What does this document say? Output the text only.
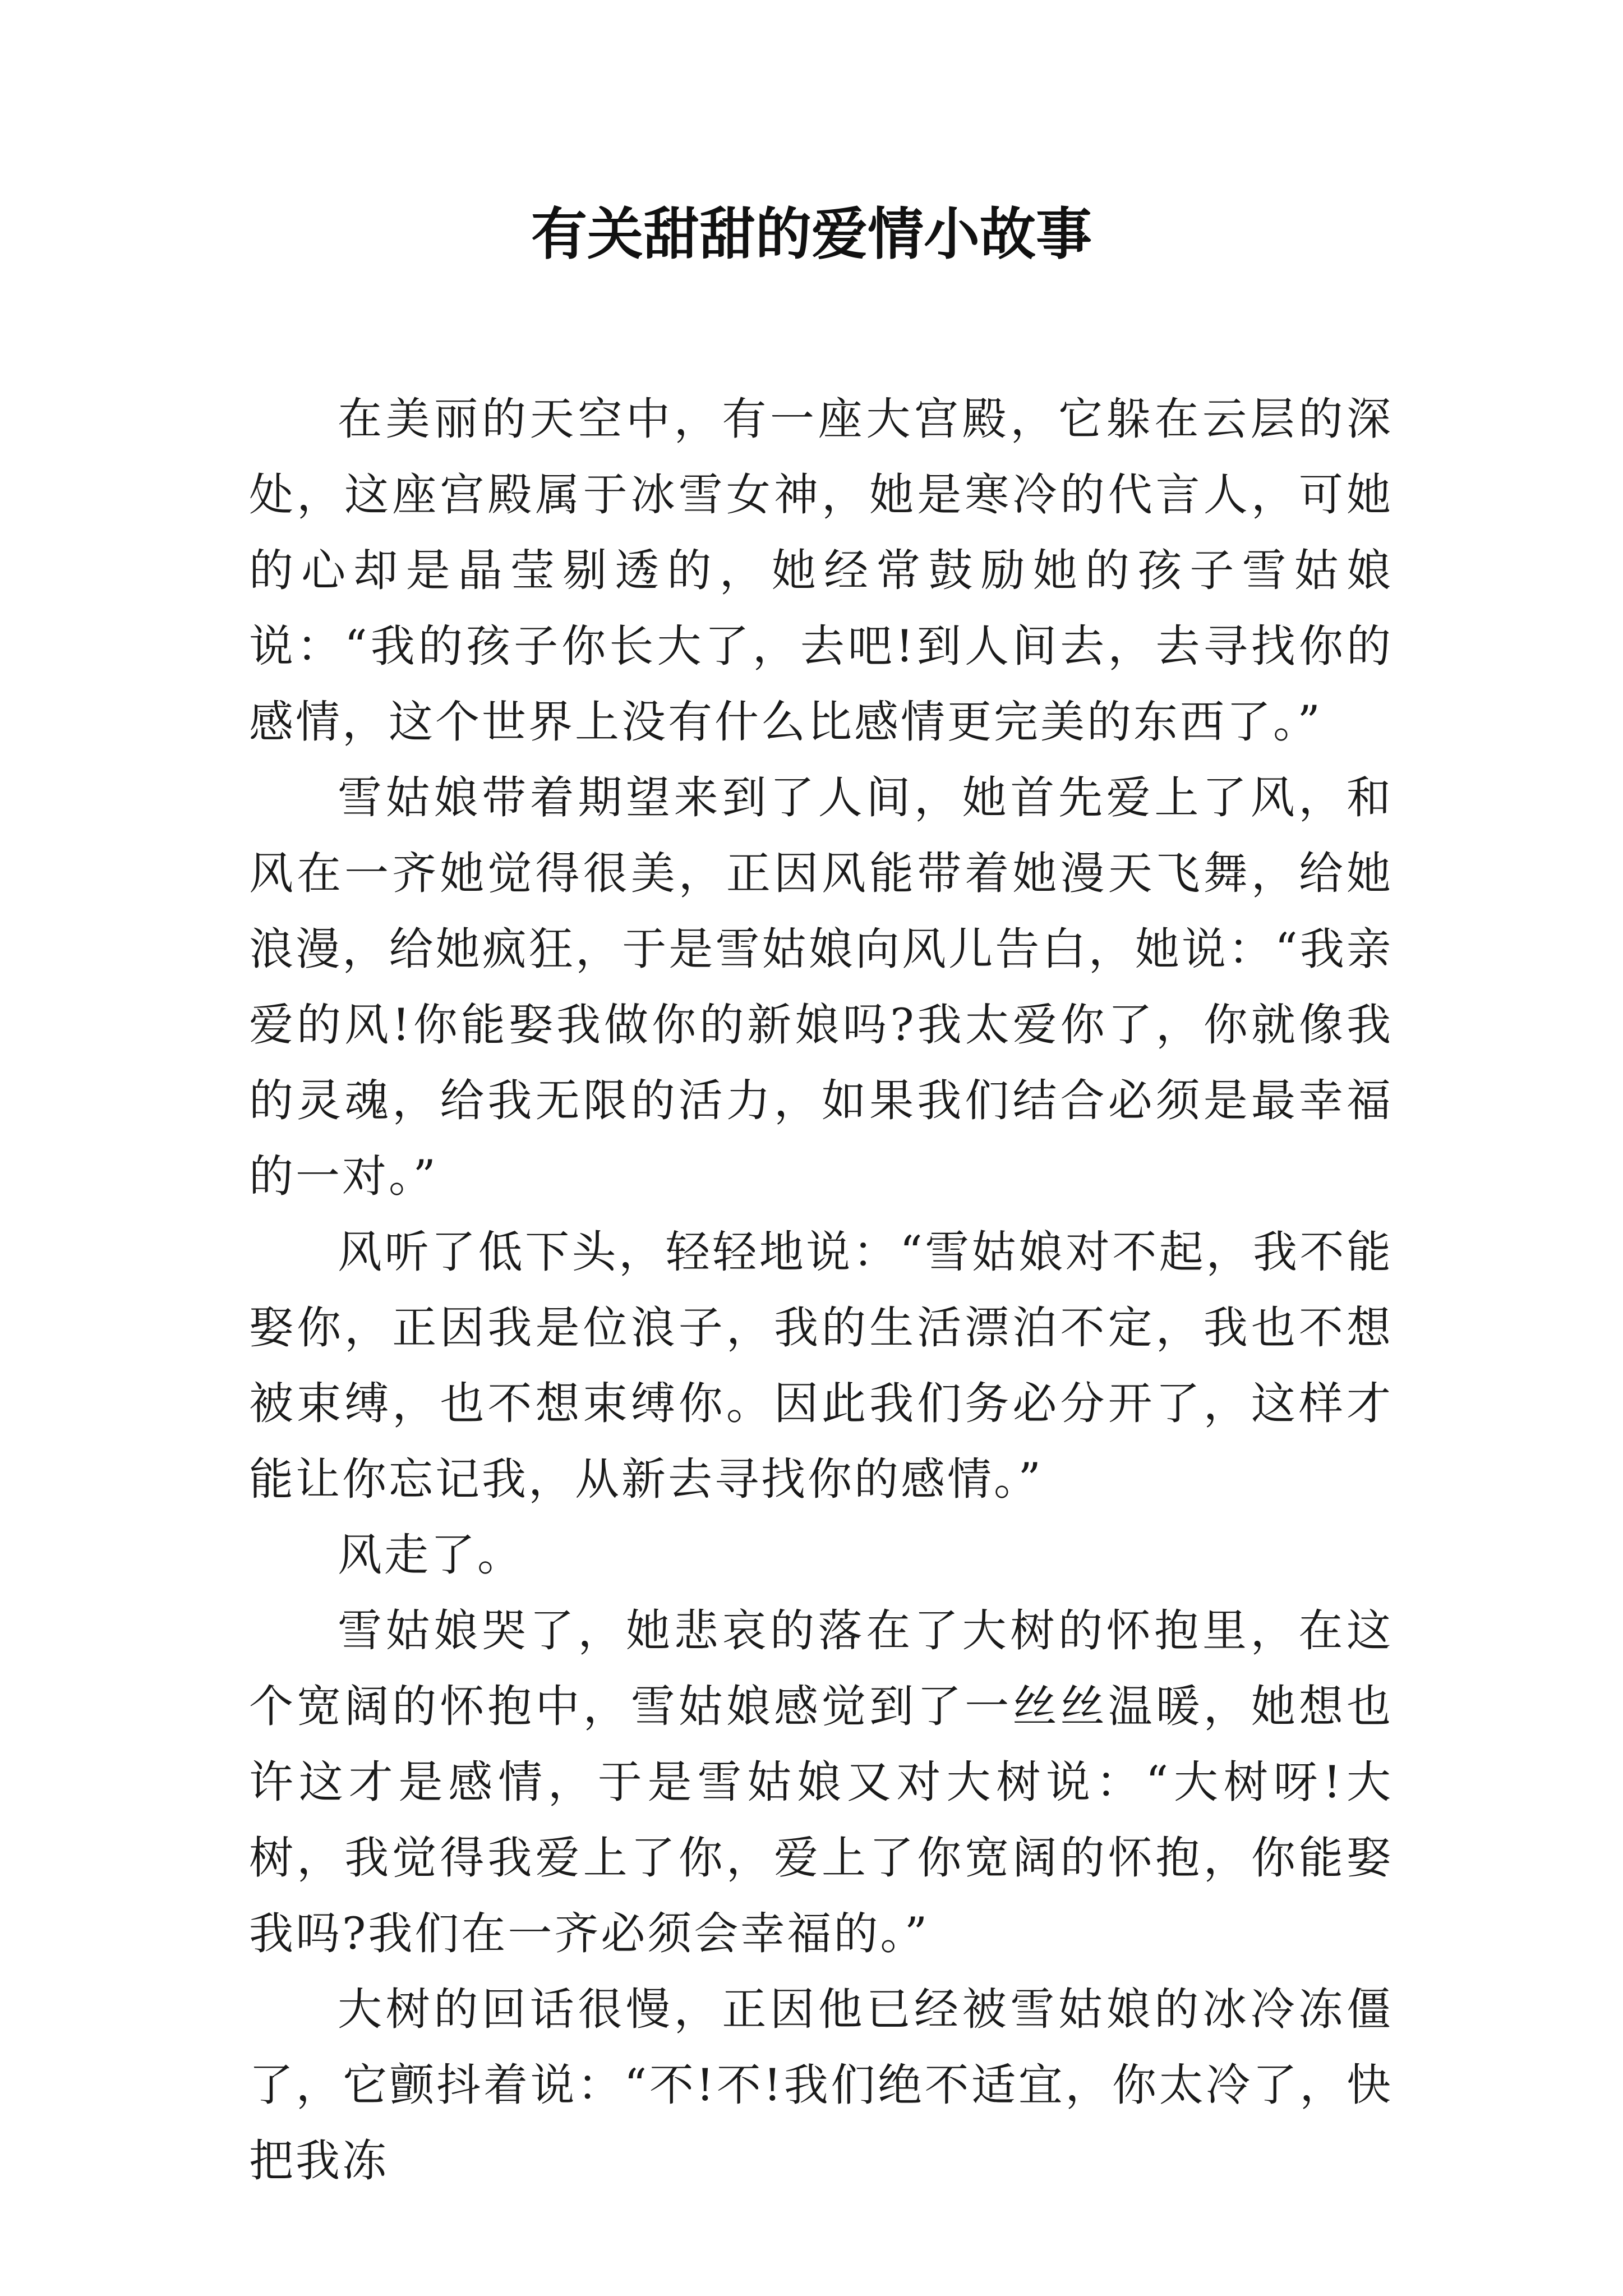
有关甜甜的爱情小故事

在美丽的天空中，有一座大宫殿，它躲在云层的深处，这座宫殿属于冰雪女神，她是寒冷的代言人，可她的心却是晶莹剔透的，她经常鼓励她的孩子雪姑娘说：“我的孩子你长大了，去吧!到人间去，去寻找你的感情，这个世界上没有什么比感情更完美的东西了。”

雪姑娘带着期望来到了人间，她首先爱上了风，和风在一齐她觉得很美，正因风能带着她漫天飞舞，给她浪漫，给她疯狂，于是雪姑娘向风儿告白，她说：“我亲爱的风!你能娶我做你的新娘吗?我太爱你了，你就像我的灵魂，给我无限的活力，如果我们结合必须是最幸福的一对。”

风听了低下头，轻轻地说：“雪姑娘对不起，我不能娶你，正因我是位浪子，我的生活漂泊不定，我也不想被束缚，也不想束缚你。因此我们务必分开了，这样才能让你忘记我，从新去寻找你的感情。”

风走了。

雪姑娘哭了，她悲哀的落在了大树的怀抱里，在这个宽阔的怀抱中，雪姑娘感觉到了一丝丝温暖，她想也许这才是感情，于是雪姑娘又对大树说：“大树呀!大树，我觉得我爱上了你，爱上了你宽阔的怀抱，你能娶我吗?我们在一齐必须会幸福的。”

大树的回话很慢，正因他已经被雪姑娘的冰冷冻僵了，它颤抖着说：“不!不!我们绝不适宜，你太冷了，快把我冻
